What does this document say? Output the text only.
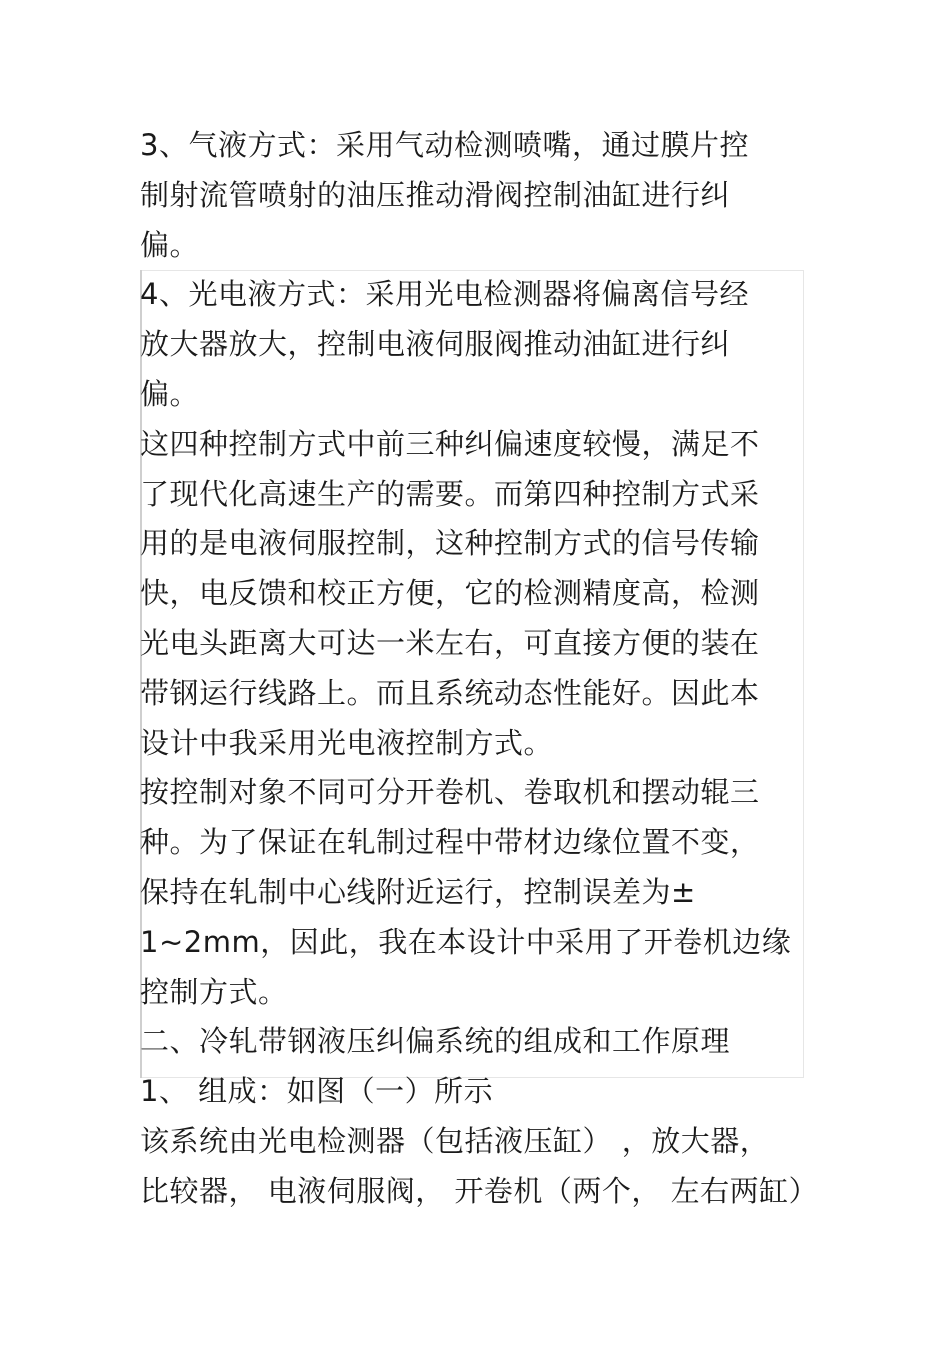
3、气液方式：采用气动检测喷嘴，通过膜片控
制射流管喷射的油压推动滑阀控制油缸进行纠
偏。
4、光电液方式：采用光电检测器将偏离信号经
放大器放大，控制电液伺服阀推动油缸进行纠
偏。
这四种控制方式中前三种纠偏速度较慢，满足不
了现代化高速生产的需要。而第四种控制方式采
用的是电液伺服控制，这种控制方式的信号传输
快，电反馈和校正方便，它的检测精度高，检测
光电头距离大可达一米左右，可直接方便的装在
带钢运行线路上。而且系统动态性能好。因此本
设计中我采用光电液控制方式。
按控制对象不同可分开卷机、卷取机和摆动辊三
种。为了保证在轧制过程中带材边缘位置不变，
保持在轧制中心线附近运行，控制误差为±
1~2mm，因此，我在本设计中采用了开卷机边缘
控制方式。
二、冷轧带钢液压纠偏系统的组成和工作原理
1、 组成：如图（一）所示
该系统由光电检测器（包括液压缸） ，放大器，
比较器， 电液伺服阀， 开卷机（两个， 左右两缸）
